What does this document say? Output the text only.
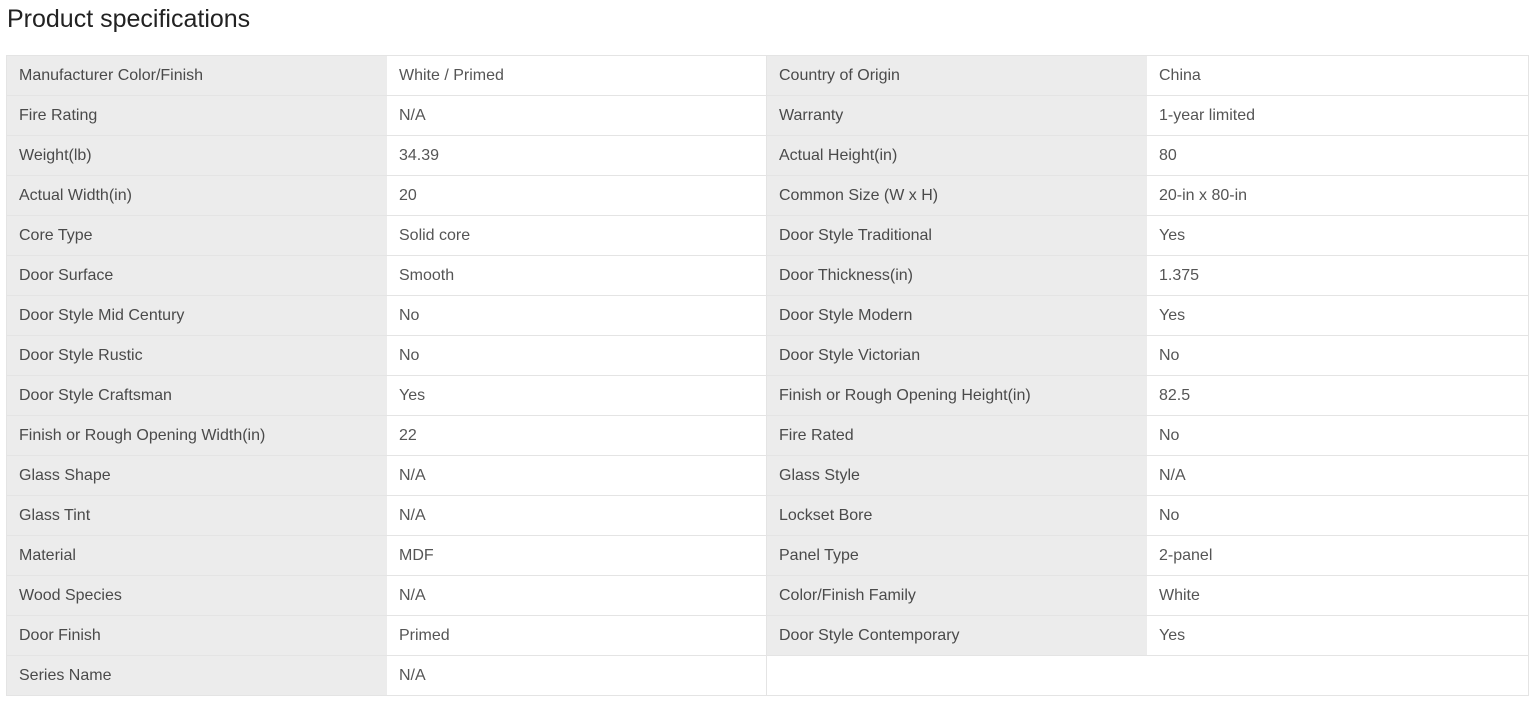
Product specifications
Manufacturer Color/Finish	White / Primed	Country of Origin	China
Fire Rating	N/A	Warranty	1-year limited
Weight(lb)	34.39	Actual Height(in)	80
Actual Width(in)	20	Common Size (W x H)	20-in x 80-in
Core Type	Solid core	Door Style Traditional	Yes
Door Surface	Smooth	Door Thickness(in)	1.375
Door Style Mid Century	No	Door Style Modern	Yes
Door Style Rustic	No	Door Style Victorian	No
Door Style Craftsman	Yes	Finish or Rough Opening Height(in)	82.5
Finish or Rough Opening Width(in)	22	Fire Rated	No
Glass Shape	N/A	Glass Style	N/A
Glass Tint	N/A	Lockset Bore	No
Material	MDF	Panel Type	2-panel
Wood Species	N/A	Color/Finish Family	White
Door Finish	Primed	Door Style Contemporary	Yes
Series Name	N/A
